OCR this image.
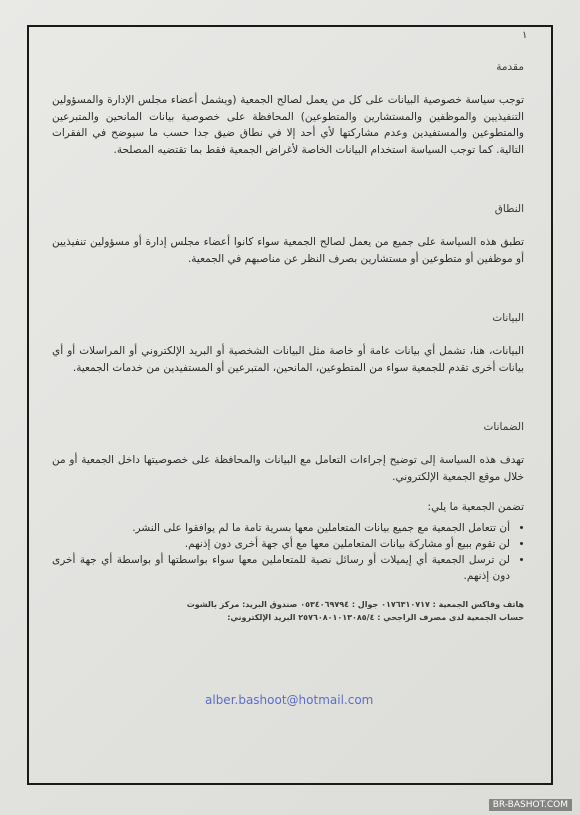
١

مقدمة

توجب سياسة خصوصية البيانات على كل من يعمل لصالح الجمعية (ويشمل أعضاء مجلس الإدارة والمسؤولين التنفيذيين والموظفين والمستشارين والمتطوعين) المحافظة على خصوصية بيانات المانحين والمتبرعين والمتطوعين والمستفيدين وعدم مشاركتها لأي أحد إلا في نطاق ضيق جدا حسب ما سيوضح في الفقرات التالية. كما توجب السياسة استخدام البيانات الخاصة لأغراض الجمعية فقط بما تقتضيه المصلحة.

النطاق

تطبق هذه السياسة على جميع من يعمل لصالح الجمعية سواء كانوا أعضاء مجلس إدارة أو مسؤولين تنفيذيين أو موظفين أو متطوعين أو مستشارين بصرف النظر عن مناصبهم في الجمعية.

البيانات

البيانات، هنا، تشمل أي بيانات عامة أو خاصة مثل البيانات الشخصية أو البريد الإلكتروني أو المراسلات أو أي بيانات أخرى تقدم للجمعية سواء من المتطوعين، المانحين، المتبرعين أو المستفيدين من خدمات الجمعية.

الضمانات

تهدف هذه السياسة إلى توضيح إجراءات التعامل مع البيانات والمحافظة على خصوصيتها داخل الجمعية أو من خلال موقع الجمعية الإلكتروني.

تضمن الجمعية ما يلي:

• أن تتعامل الجمعية مع جميع بيانات المتعاملين معها بسرية تامة ما لم يوافقوا على النشر.
• لن تقوم ببيع أو مشاركة بيانات المتعاملين معها مع أي جهة أخرى دون إذنهم.
• لن ترسل الجمعية أي إيميلات أو رسائل نصية للمتعاملين معها سواء بواسطتها أو بواسطة أي جهة أخرى دون إذنهم.
هاتف وفاكس الجمعية : ٠١٧٦٣١٠٧١٧ جوال : ٠٥٣٤٠٦٩٧٩٤ صندوق البريد: مركز بالشوت
حساب الجمعية لدى مصرف الراجحي : ٢٥٧٦٠٨٠١٠١٣٠٨٥/٤ البريد الإلكتروني:
alber.bashoot@hotmail.com
BR-BASHOT.COM
